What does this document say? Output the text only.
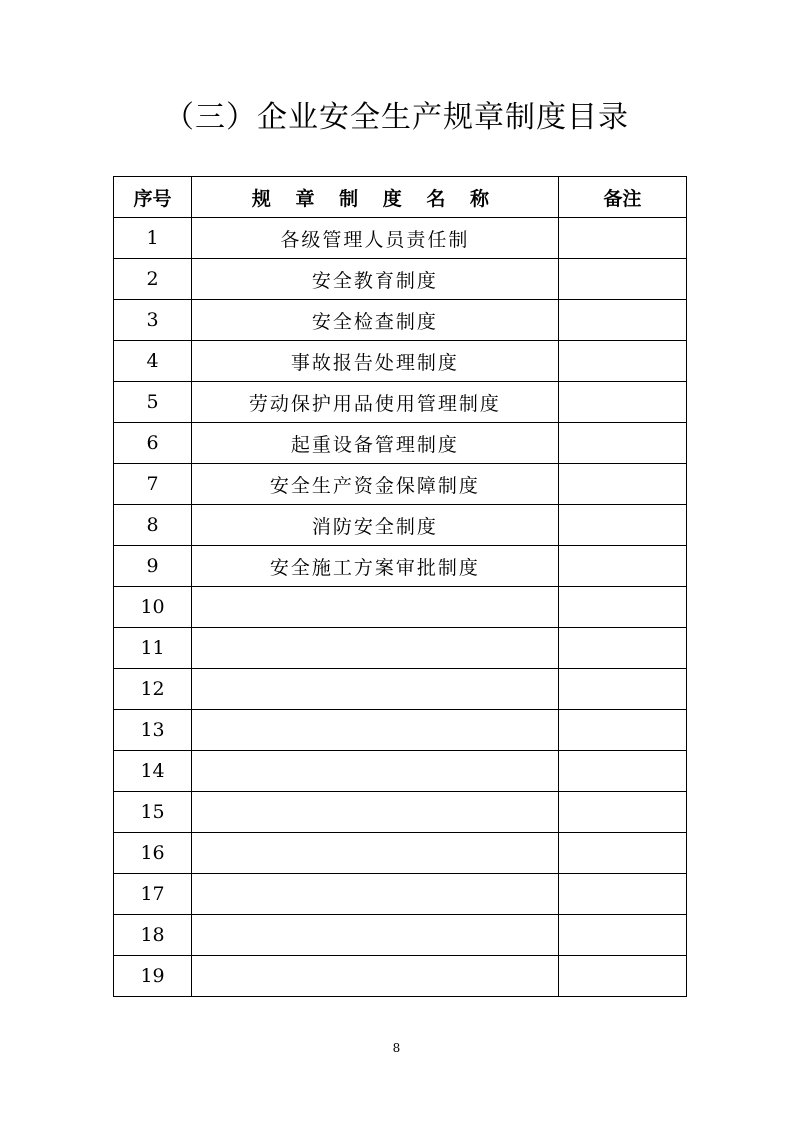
（三）企业安全生产规章制度目录
序号	规 章 制 度 名 称	备注
1	各级管理人员责任制	
2	安全教育制度	
3	安全检查制度	
4	事故报告处理制度	
5	劳动保护用品使用管理制度	
6	起重设备管理制度	
7	安全生产资金保障制度	
8	消防安全制度	
9	安全施工方案审批制度	
10		
11		
12		
13		
14		
15		
16		
17		
18		
19		
8
